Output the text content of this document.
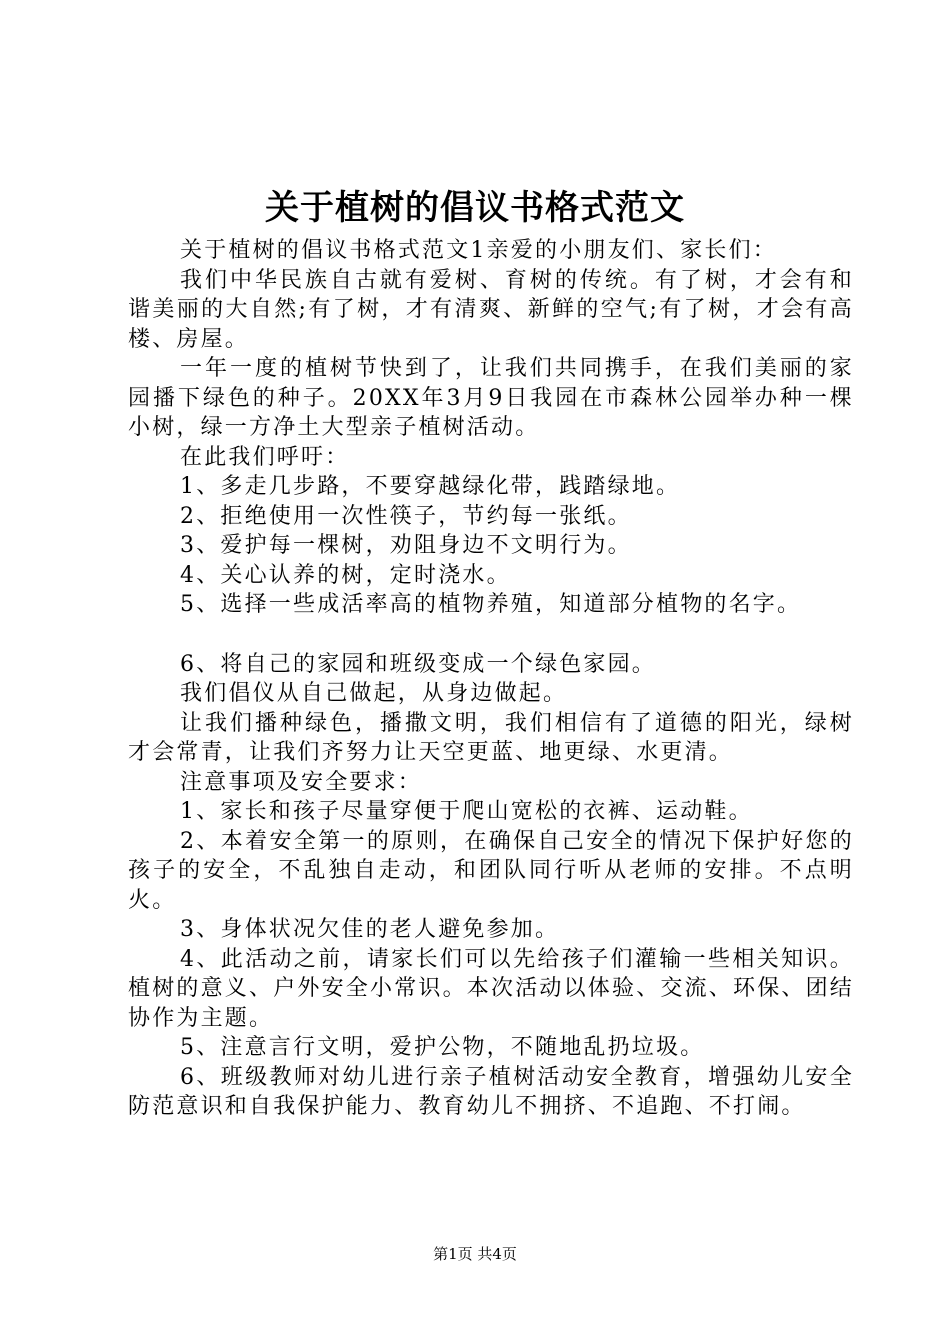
关于植树的倡议书格式范文

关于植树的倡议书格式范文1亲爱的小朋友们、家长们：

我们中华民族自古就有爱树、育树的传统。有了树，才会有和谐美丽的大自然;有了树，才有清爽、新鲜的空气;有了树，才会有高楼、房屋。

一年一度的植树节快到了，让我们共同携手，在我们美丽的家园播下绿色的种子。20XX年3月9日我园在市森林公园举办种一棵小树，绿一方净土大型亲子植树活动。

在此我们呼吁：

1、多走几步路，不要穿越绿化带，践踏绿地。

2、拒绝使用一次性筷子，节约每一张纸。

3、爱护每一棵树，劝阻身边不文明行为。

4、关心认养的树，定时浇水。

5、选择一些成活率高的植物养殖，知道部分植物的名字。

6、将自己的家园和班级变成一个绿色家园。

我们倡仪从自己做起，从身边做起。

让我们播种绿色，播撒文明，我们相信有了道德的阳光，绿树才会常青，让我们齐努力让天空更蓝、地更绿、水更清。

注意事项及安全要求：

1、家长和孩子尽量穿便于爬山宽松的衣裤、运动鞋。

2、本着安全第一的原则，在确保自己安全的情况下保护好您的孩子的安全，不乱独自走动，和团队同行听从老师的安排。不点明火。

3、身体状况欠佳的老人避免参加。

4、此活动之前，请家长们可以先给孩子们灌输一些相关知识。植树的意义、户外安全小常识。本次活动以体验、交流、环保、团结协作为主题。

5、注意言行文明，爱护公物，不随地乱扔垃圾。

6、班级教师对幼儿进行亲子植树活动安全教育，增强幼儿安全防范意识和自我保护能力、教育幼儿不拥挤、不追跑、不打闹。

第1页 共4页
